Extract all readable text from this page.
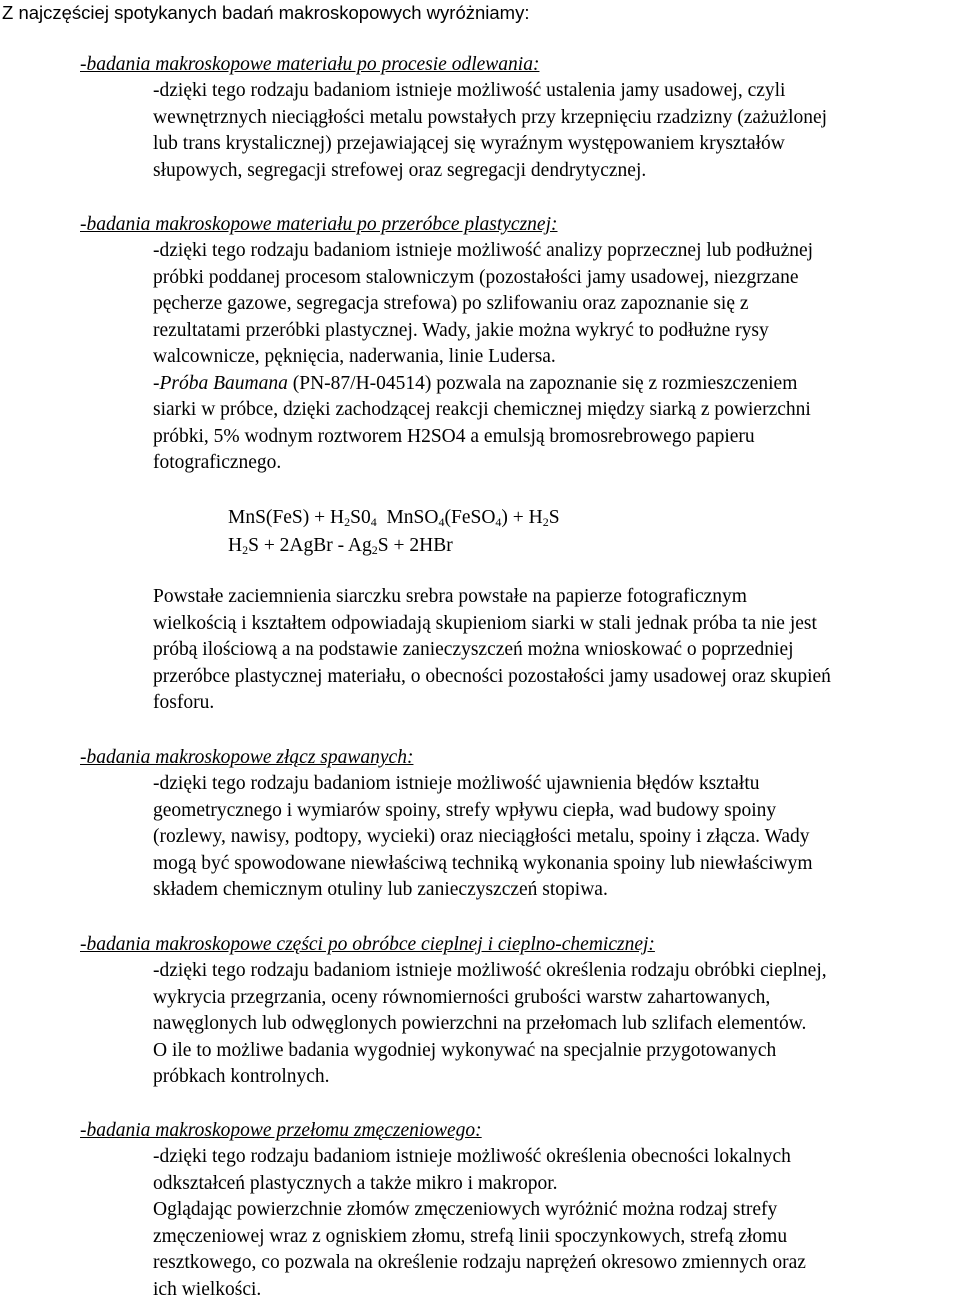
Z najczęściej spotykanych badań makroskopowych wyróżniamy:
-badania makroskopowe materiału po procesie odlewania:
-dzięki tego rodzaju badaniom istnieje możliwość ustalenia jamy usadowej, czyli
wewnętrznych nieciągłości metalu powstałych przy krzepnięciu rzadzizny (zażużlonej
lub trans krystalicznej) przejawiającej się wyraźnym występowaniem kryształów
słupowych, segregacji strefowej oraz segregacji dendrytycznej.
-badania makroskopowe materiału po przeróbce plastycznej:
-dzięki tego rodzaju badaniom istnieje możliwość analizy poprzecznej lub podłużnej
próbki poddanej procesom stalowniczym (pozostałości jamy usadowej, niezgrzane
pęcherze gazowe, segregacja strefowa) po szlifowaniu oraz zapoznanie się z
rezultatami przeróbki plastycznej. Wady, jakie można wykryć to podłużne rysy
walcownicze, pęknięcia, naderwania, linie Ludersa.
-Próba Baumana (PN-87/H-04514) pozwala na zapoznanie się z rozmieszczeniem
siarki w próbce, dzięki zachodzącej reakcji chemicznej między siarką z powierzchni
próbki, 5% wodnym roztworem H2SO4 a emulsją bromosrebrowego papieru
fotograficznego.
$MnS(FeS) + H_2S0_4$  MnSO$_4$(FeSO$_4$) + $H_2S$
$H_2S$ + 2AgBr - $Ag_2S + 2HBr$
Powstałe zaciemnienia siarczku srebra powstałe na papierze fotograficznym
wielkością i kształtem odpowiadają skupieniom siarki w stali jednak próba ta nie jest
próbą ilościową a na podstawie zanieczyszczeń można wnioskować o poprzedniej
przeróbce plastycznej materiału, o obecności pozostałości jamy usadowej oraz skupień
fosforu.
-badania makroskopowe złącz spawanych:
-dzięki tego rodzaju badaniom istnieje możliwość ujawnienia błędów kształtu
geometrycznego i wymiarów spoiny, strefy wpływu ciepła, wad budowy spoiny
(rozlewy, nawisy, podtopy, wycieki) oraz nieciągłości metalu, spoiny i złącza. Wady
mogą być spowodowane niewłaściwą techniką wykonania spoiny lub niewłaściwym
składem chemicznym otuliny lub zanieczyszczeń stopiwa.
-badania makroskopowe części po obróbce cieplnej i cieplno-chemicznej:
-dzięki tego rodzaju badaniom istnieje możliwość określenia rodzaju obróbki cieplnej,
wykrycia przegrzania, oceny równomierności grubości warstw zahartowanych,
nawęglonych lub odwęglonych powierzchni na przełomach lub szlifach elementów.
O ile to możliwe badania wygodniej wykonywać na specjalnie przygotowanych
próbkach kontrolnych.
-badania makroskopowe przełomu zmęczeniowego:
-dzięki tego rodzaju badaniom istnieje możliwość określenia obecności lokalnych
odkształceń plastycznych a także mikro i makropor.
Oglądając powierzchnie złomów zmęczeniowych wyróżnić można rodzaj strefy
zmęczeniowej wraz z ogniskiem złomu, strefą linii spoczynkowych, strefą złomu
resztkowego, co pozwala na określenie rodzaju naprężeń okresowo zmiennych oraz
ich wielkości.
